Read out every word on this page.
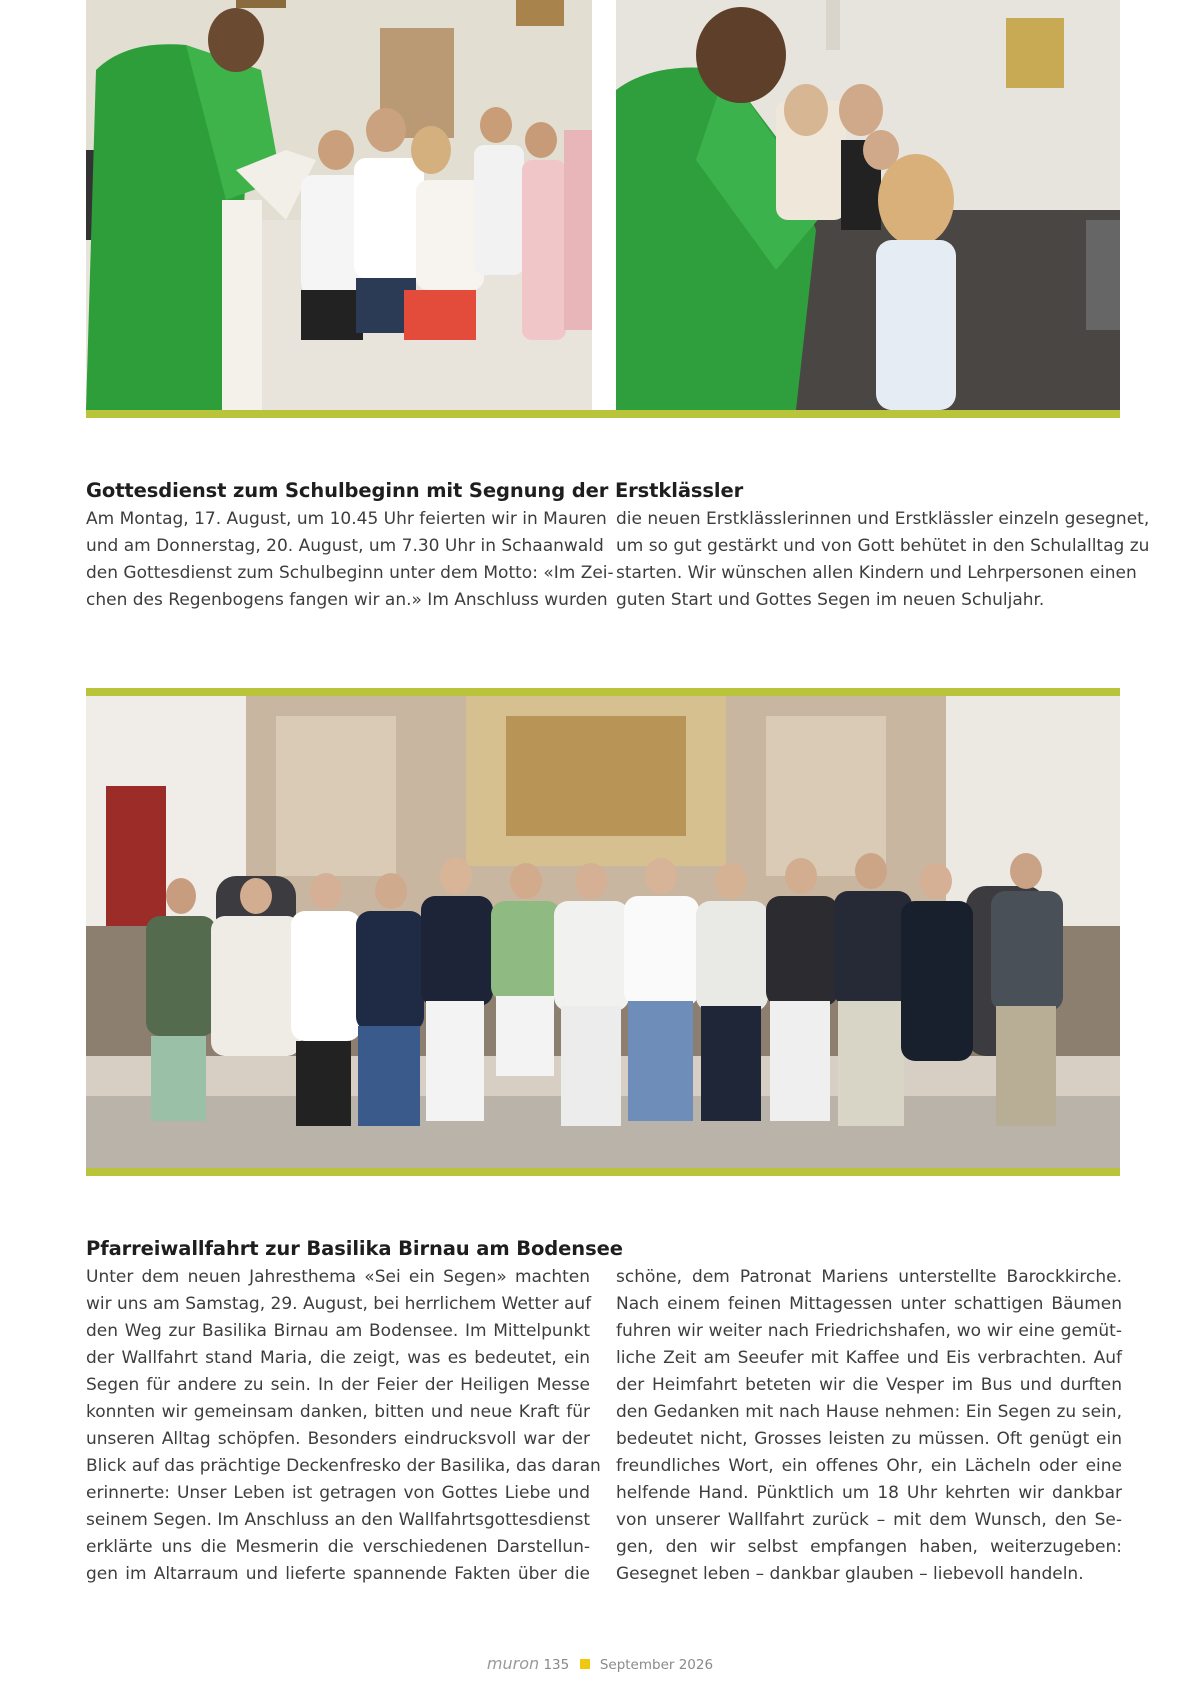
Gottesdienst zum Schulbeginn mit Segnung der Erstklässler
Am Montag, 17. August, um 10.45 Uhr feierten wir in Mauren
und am Donnerstag, 20. August, um 7.30 Uhr in Schaanwald
den Gottesdienst zum Schulbeginn unter dem Motto: «Im Zei-
chen des Regenbogens fangen wir an.» Im Anschluss wurden
die neuen Erstklässlerinnen und Erstklässler einzeln gesegnet,
um so gut gestärkt und von Gott behütet in den Schulalltag zu
starten. Wir wünschen allen Kindern und Lehrpersonen einen
guten Start und Gottes Segen im neuen Schuljahr.
Pfarreiwallfahrt zur Basilika Birnau am Bodensee
Unter dem neuen Jahresthema «Sei ein Segen» machten
wir uns am Samstag, 29. August, bei herrlichem Wetter auf
den Weg zur Basilika Birnau am Bodensee. Im Mittelpunkt
der Wallfahrt stand Maria, die zeigt, was es bedeutet, ein
Segen für andere zu sein. In der Feier der Heiligen Messe
konnten wir gemeinsam danken, bitten und neue Kraft für
unseren Alltag schöpfen. Besonders eindrucksvoll war der
Blick auf das prächtige Deckenfresko der Basilika, das daran
erinnerte: Unser Leben ist getragen von Gottes Liebe und
seinem Segen. Im Anschluss an den Wallfahrtsgottesdienst
erklärte uns die Mesmerin die verschiedenen Darstellun-
gen im Altarraum und lieferte spannende Fakten über die
schöne, dem Patronat Mariens unterstellte Barockkirche.
Nach einem feinen Mittagessen unter schattigen Bäumen
fuhren wir weiter nach Friedrichshafen, wo wir eine gemüt-
liche Zeit am Seeufer mit Kaffee und Eis verbrachten. Auf
der Heimfahrt beteten wir die Vesper im Bus und durften
den Gedanken mit nach Hause nehmen: Ein Segen zu sein,
bedeutet nicht, Grosses leisten zu müssen. Oft genügt ein
freundliches Wort, ein offenes Ohr, ein Lächeln oder eine
helfende Hand. Pünktlich um 18 Uhr kehrten wir dankbar
von unserer Wallfahrt zurück – mit dem Wunsch, den Se-
gen, den wir selbst empfangen haben, weiterzugeben:
Gesegnet leben – dankbar glauben – liebevoll handeln.
muron 135 September 2026
